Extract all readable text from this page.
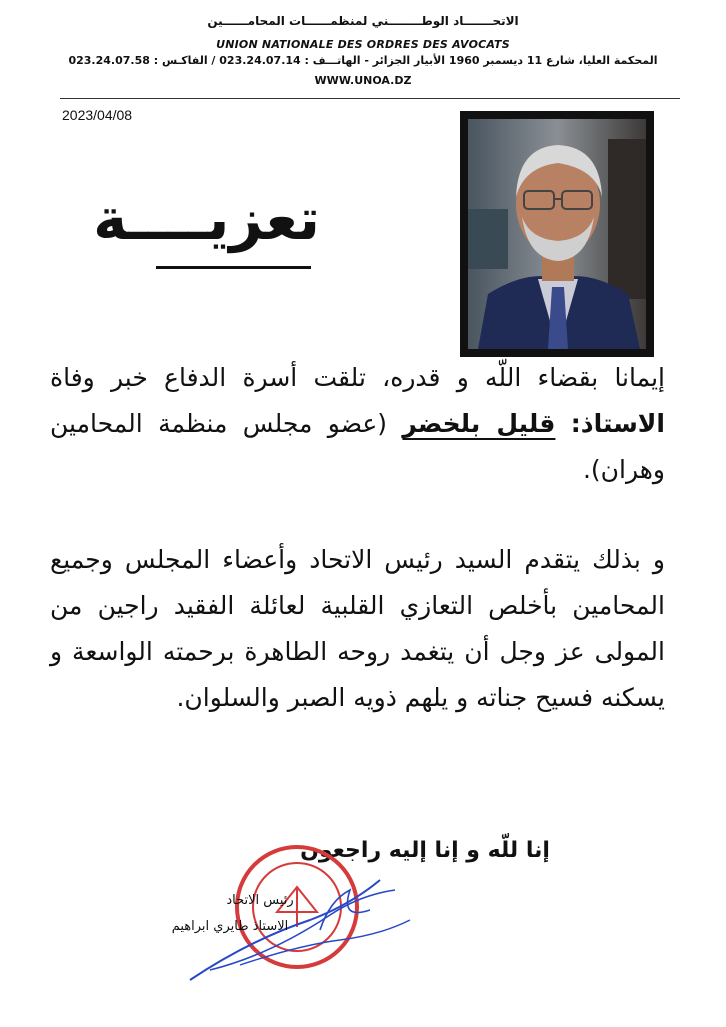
الاتحـــــــاد الوطــــــــني لمنظمــــــات المحامــــــين
UNION NATIONALE DES ORDRES DES AVOCATS
المحكمة العليا، شارع 11 ديسمبر 1960 الأبيار الجزائر - الهاتـــف : 023.24.07.14 / الفاكـس : 023.24.07.58
WWW.UNOA.DZ
2023/04/08
تعزيــــة
إيمانا بقضاء اللّه و قدره، تلقت أسرة الدفاع خبر وفاة الاستاذ: قليل بلخضر (عضو مجلس منظمة المحامين وهران).
و بذلك يتقدم السيد رئيس الاتحاد وأعضاء المجلس وجميع المحامين بأخلص التعازي القلبية لعائلة الفقيد راجين من المولى عز وجل أن يتغمد روحه الطاهرة برحمته الواسعة و يسكنه فسيح جناته و يلهم ذويه الصبر والسلوان.
إنا للّه و إنا إليه راجعون
رئيس الاتحاد
الاستاذ طايري ابراهيم
